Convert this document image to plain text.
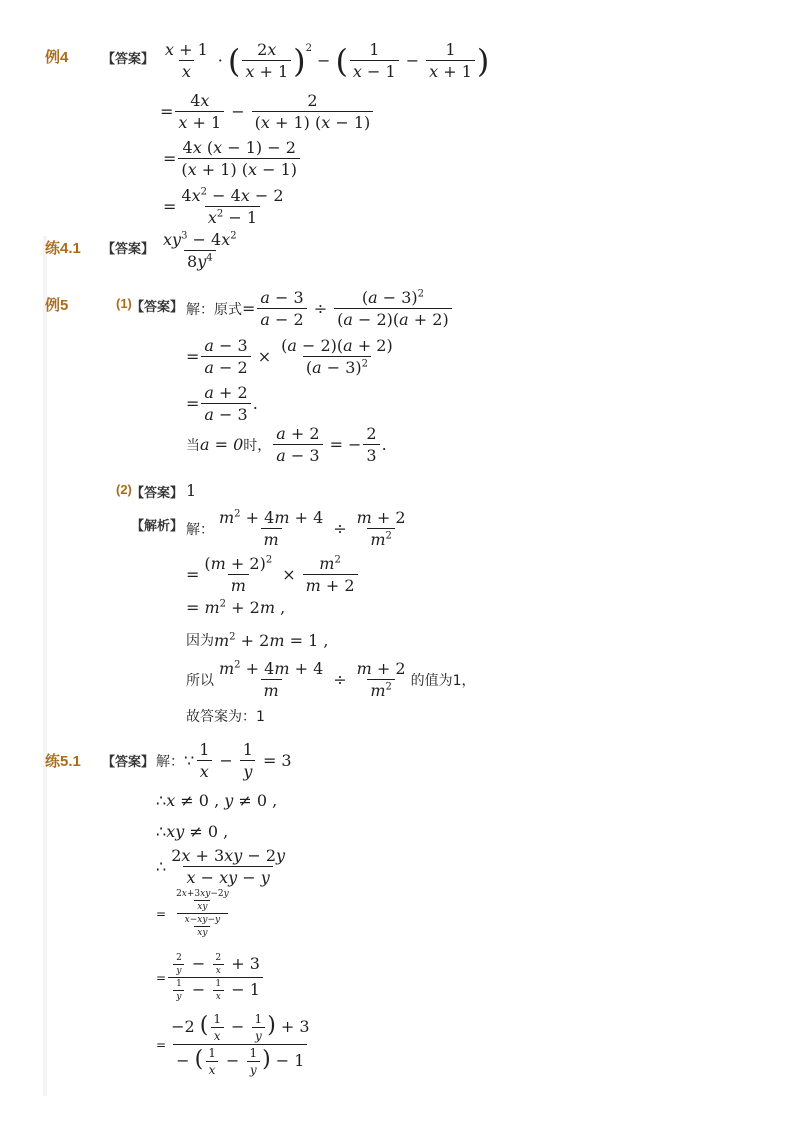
例4	【答案】 x + 1
x
· ( 2x
x + 1 )$^2$
− ( 1
x − 1
− $\frac{1}{x + 1}$ )
= $\frac{4x}{x + 1} - \frac{2}{(x + 1) (x - 1)}$
= $\frac{4x (x - 1) - 2}{(x + 1) (x - 1)}$
= $\frac{4x^2 - 4x - 2}{x^2 - 1}$
练4.1 【答案】 $xy^3 - 4x^2$
$8y^4$
例5	(1) 【答案】 解：原式 = $\frac{a - 3}{a - 2} \div \frac{(a - 3)^2}{(a - 2)(a + 2)}$
= $\frac{a - 3}{a - 2} \times \frac{(a - 2)(a + 2)}{(a - 3)^2}$
= $\frac{a + 2}{a - 3}$ .
当 a = 0 时， $\frac{a + 2}{a - 3}$ = − $\frac{2}{3}$ .
(2) 【答案】 1
【解析】 解： $\frac{m^2 + 4m + 4}{m} \div \frac{m + 2}{m^2}$
= $\frac{(m + 2)^2}{m} \times \frac{m^2}{m + 2}$
= $m^2 + 2m$ ,
因为 $m^2 + 2m = 1$ ,
所以 $\frac{m^2 + 4m + 4}{m} \div \frac{m + 2}{m^2}$ 的值为1，
故答案为：1
练5.1 【答案】 解： ∵
1
x
− $\frac{1}{y} = 3$
∴x ≠ 0 , y ≠ 0 ,
∴xy ≠ 0 ,
∴
2x + 3xy − 2y
x − xy − y
=
$\frac{2x+3xy-2y}{xy}$
$\frac{x-xy-y}{xy}$
= $\frac{\frac{2}{y} - \frac{2}{x} + 3}{\frac{1}{y} - \frac{1}{x} - 1}$
= $\frac{-2 ( \frac{1}{x} - \frac{1}{y} ) + 3}{- ( \frac{1}{x} - \frac{1}{y} ) - 1}$
